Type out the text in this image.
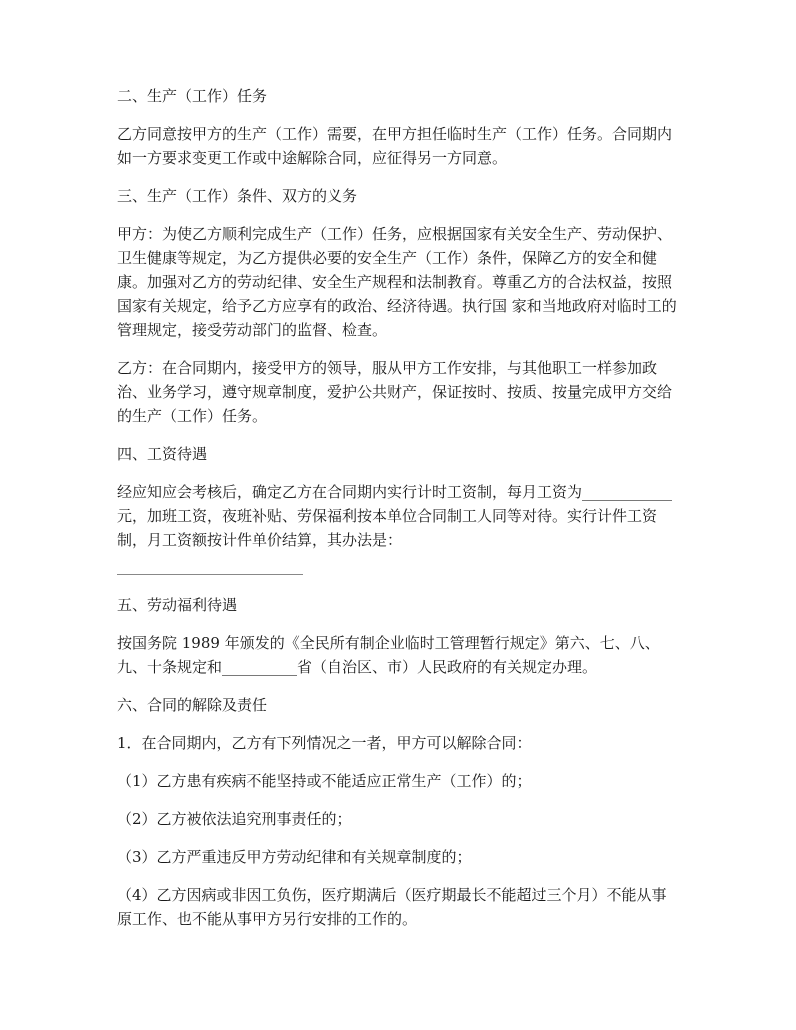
二、生产（工作）任务

乙方同意按甲方的生产（工作）需要，在甲方担任临时生产（工作）任务。合同期内如一方要求变更工作或中途解除合同，应征得另一方同意。

三、生产（工作）条件、双方的义务

甲方：为使乙方顺利完成生产（工作）任务，应根据国家有关安全生产、劳动保护、卫生健康等规定，为乙方提供必要的安全生产（工作）条件，保障乙方的安全和健康。加强对乙方的劳动纪律、安全生产规程和法制教育。尊重乙方的合法权益，按照国家有关规定，给予乙方应享有的政治、经济待遇。执行国 家和当地政府对临时工的管理规定，接受劳动部门的监督、检查。

乙方：在合同期内，接受甲方的领导，服从甲方工作安排，与其他职工一样参加政治、业务学习，遵守规章制度，爱护公共财产，保证按时、按质、按量完成甲方交给的生产（工作）任务。

四、工资待遇

经应知应会考核后，确定乙方在合同期内实行计时工资制，每月工资为____________元，加班工资，夜班补贴、劳保福利按本单位合同制工人同等对待。实行计件工资制，月工资额按计件单价结算，其办法是：

五、劳动福利待遇

按国务院 1989 年颁发的《全民所有制企业临时工管理暂行规定》第六、七、八、九、十条规定和__________省（自治区、市）人民政府的有关规定办理。

六、合同的解除及责任

1．在合同期内，乙方有下列情况之一者，甲方可以解除合同：

（1）乙方患有疾病不能坚持或不能适应正常生产（工作）的；

（2）乙方被依法追究刑事责任的；

（3）乙方严重违反甲方劳动纪律和有关规章制度的；

（4）乙方因病或非因工负伤，医疗期满后（医疗期最长不能超过三个月）不能从事原工作、也不能从事甲方另行安排的工作的。
